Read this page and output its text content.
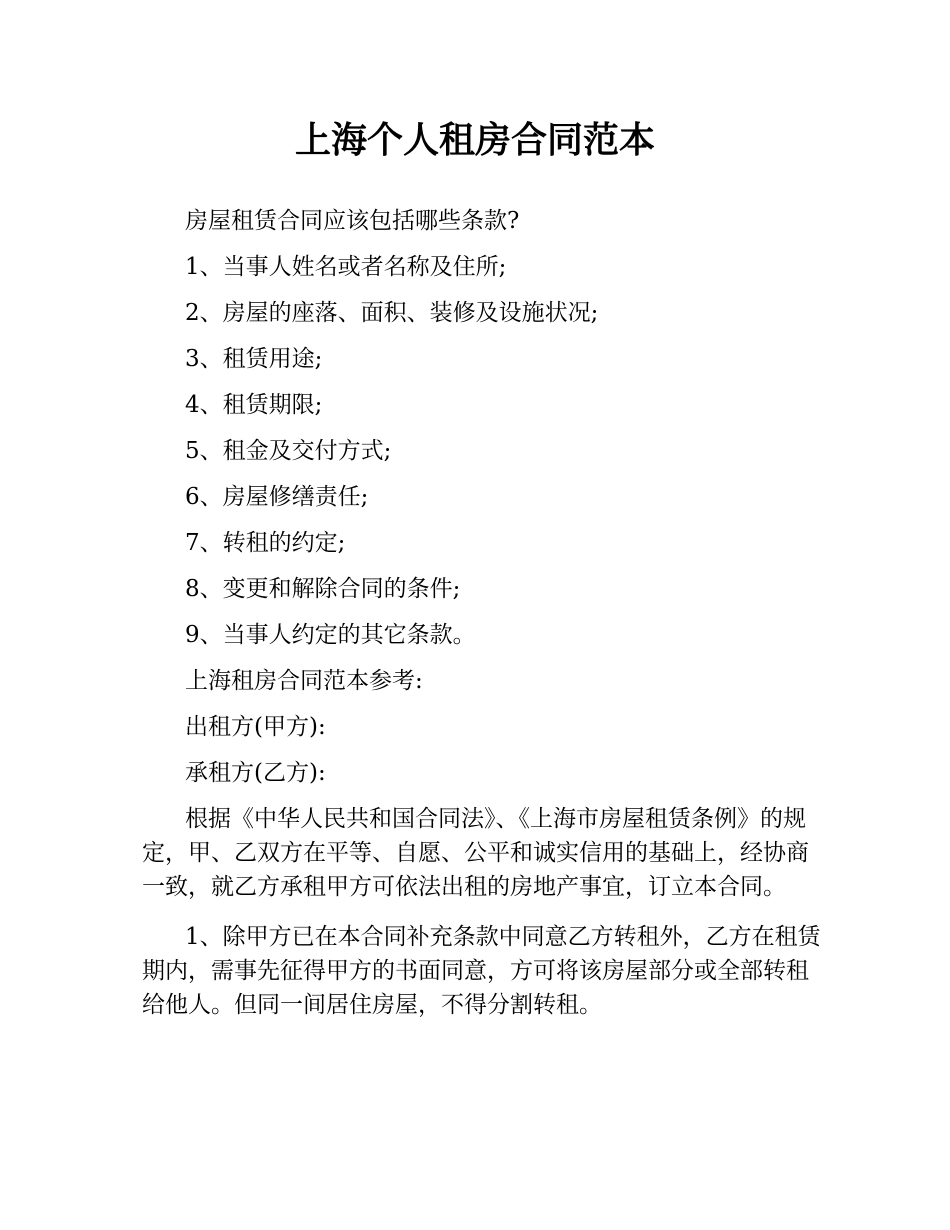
上海个人租房合同范本

房屋租赁合同应该包括哪些条款?

1、当事人姓名或者名称及住所;

2、房屋的座落、面积、装修及设施状况;

3、租赁用途;

4、租赁期限;

5、租金及交付方式;

6、房屋修缮责任;

7、转租的约定;

8、变更和解除合同的条件;

9、当事人约定的其它条款。

上海租房合同范本参考:

出租方(甲方):

承租方(乙方):

根据《中华人民共和国合同法》、《上海市房屋租赁条例》的规定，甲、乙双方在平等、自愿、公平和诚实信用的基础上，经协商一致，就乙方承租甲方可依法出租的房地产事宜，订立本合同。

1、除甲方已在本合同补充条款中同意乙方转租外，乙方在租赁期内，需事先征得甲方的书面同意，方可将该房屋部分或全部转租给他人。但同一间居住房屋，不得分割转租。
